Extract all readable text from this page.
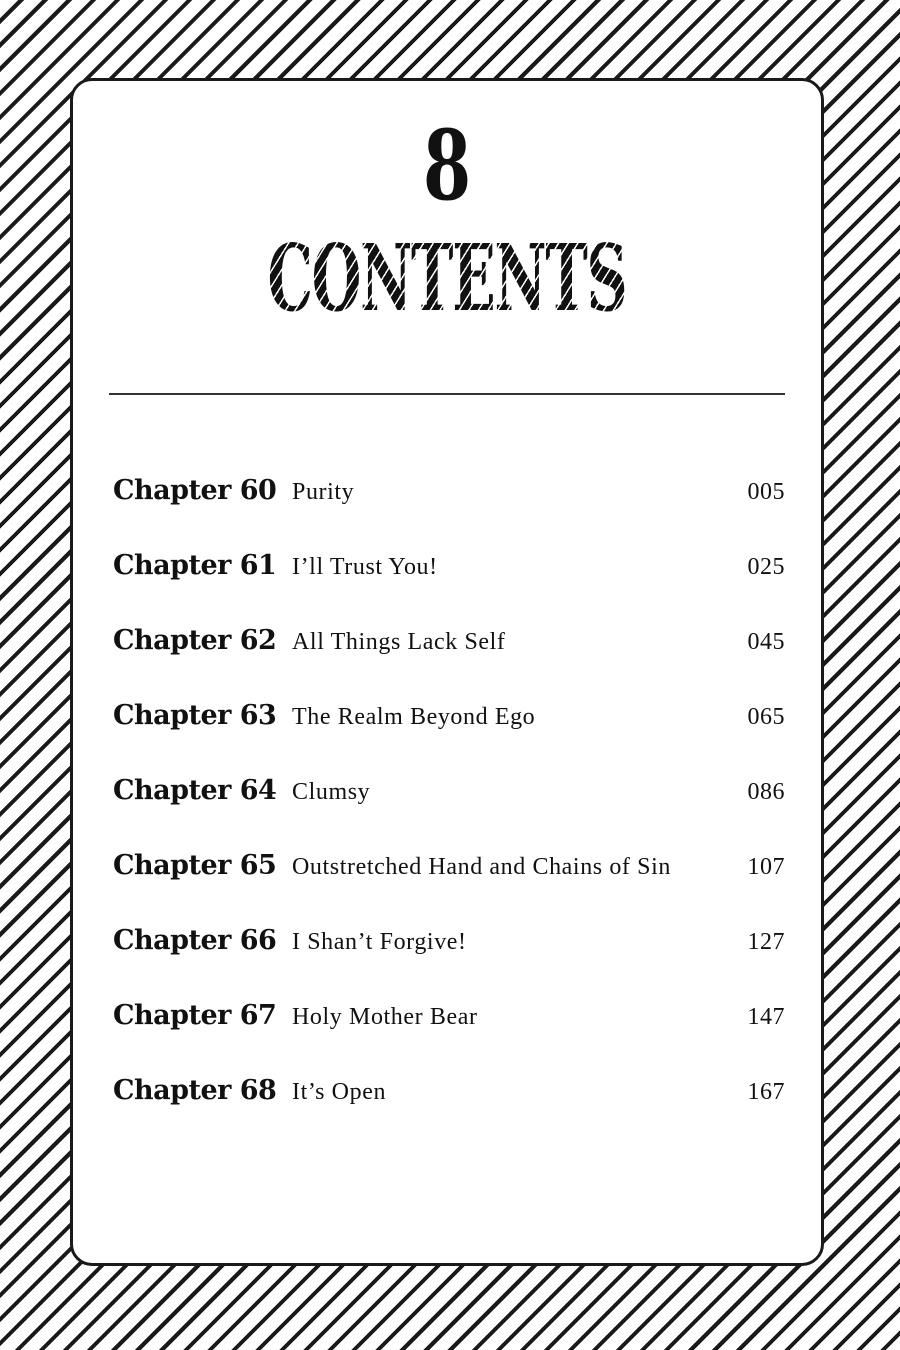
8
CONTENTS
Chapter 60 Purity	005
Chapter 61 I’ll Trust You!	025
Chapter 62 All Things Lack Self	045
Chapter 63 The Realm Beyond Ego	065
Chapter 64 Clumsy	086
Chapter 65 Outstretched Hand and Chains of Sin	107
Chapter 66 I Shan’t Forgive!	127
Chapter 67 Holy Mother Bear	147
Chapter 68 It’s Open	167
